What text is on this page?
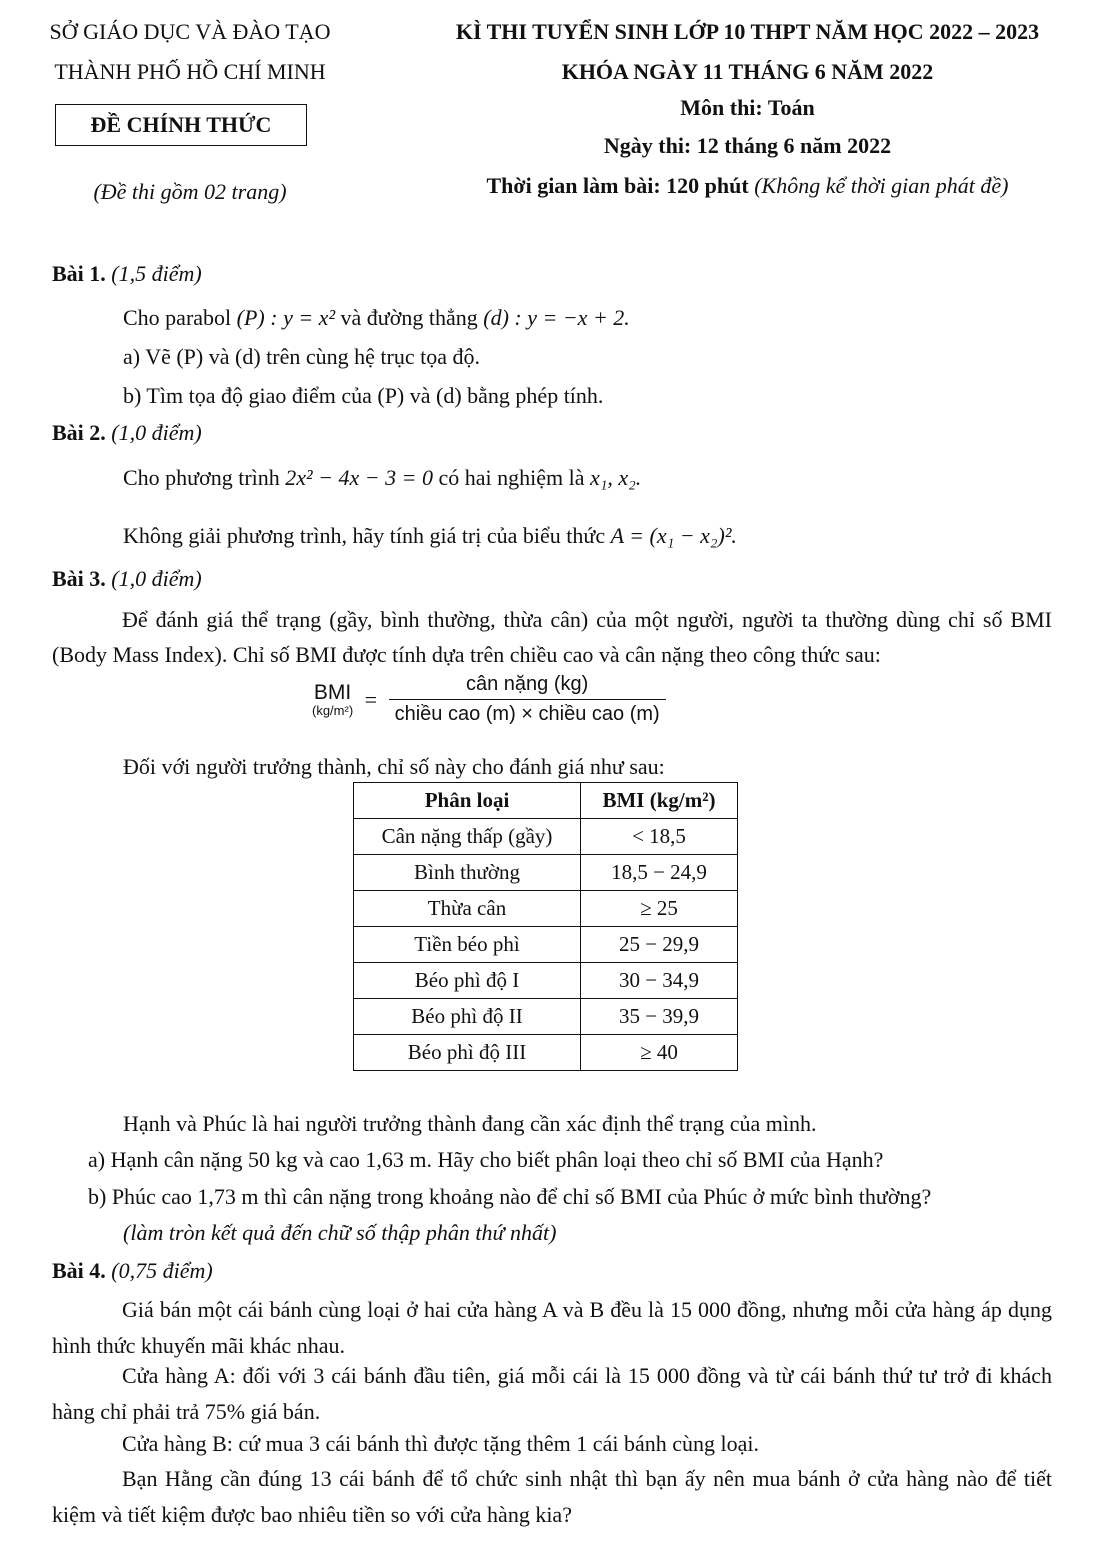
SỞ GIÁO DỤC VÀ ĐÀO TẠO
THÀNH PHỐ HỒ CHÍ MINH
ĐỀ CHÍNH THỨC
(Đề thi gồm 02 trang)
KÌ THI TUYỂN SINH LỚP 10 THPT NĂM HỌC 2022 – 2023
KHÓA NGÀY 11 THÁNG 6 NĂM 2022
Môn thi: Toán
Ngày thi: 12 tháng 6 năm 2022
Thời gian làm bài: 120 phút (Không kể thời gian phát đề)
Bài 1. (1,5 điểm)
Cho parabol (P) : y = x² và đường thẳng (d) : y = −x + 2.
a) Vẽ (P) và (d) trên cùng hệ trục tọa độ.
b) Tìm tọa độ giao điểm của (P) và (d) bằng phép tính.
Bài 2. (1,0 điểm)
Cho phương trình 2x² − 4x − 3 = 0 có hai nghiệm là x₁, x₂.
Không giải phương trình, hãy tính giá trị của biểu thức A = (x₁ − x₂)².
Bài 3. (1,0 điểm)
Để đánh giá thể trạng (gầy, bình thường, thừa cân) của một người, người ta thường dùng chỉ số BMI (Body Mass Index). Chỉ số BMI được tính dựa trên chiều cao và cân nặng theo công thức sau:
BMI
$(kg/m^2) = \frac{\text{cân nặng (kg)}}{\text{chiều cao (m) × chiều cao (m)}}$
Đối với người trưởng thành, chỉ số này cho đánh giá như sau:
Phân loại	BMI (kg/m²)
Cân nặng thấp (gầy)	< 18,5
Bình thường	18,5 − 24,9
Thừa cân	≥ 25
Tiền béo phì	25 − 29,9
Béo phì độ I	30 − 34,9
Béo phì độ II	35 − 39,9
Béo phì độ III	≥ 40
Hạnh và Phúc là hai người trưởng thành đang cần xác định thể trạng của mình.
a) Hạnh cân nặng 50 kg và cao 1,63 m. Hãy cho biết phân loại theo chỉ số BMI của Hạnh?
b) Phúc cao 1,73 m thì cân nặng trong khoảng nào để chỉ số BMI của Phúc ở mức bình thường?
(làm tròn kết quả đến chữ số thập phân thứ nhất)
Bài 4. (0,75 điểm)
Giá bán một cái bánh cùng loại ở hai cửa hàng A và B đều là 15 000 đồng, nhưng mỗi cửa hàng áp dụng hình thức khuyến mãi khác nhau.
Cửa hàng A: đối với 3 cái bánh đầu tiên, giá mỗi cái là 15 000 đồng và từ cái bánh thứ tư trở đi khách hàng chỉ phải trả 75% giá bán.
Cửa hàng B: cứ mua 3 cái bánh thì được tặng thêm 1 cái bánh cùng loại.
Bạn Hằng cần đúng 13 cái bánh để tổ chức sinh nhật thì bạn ấy nên mua bánh ở cửa hàng nào để tiết kiệm và tiết kiệm được bao nhiêu tiền so với cửa hàng kia?
